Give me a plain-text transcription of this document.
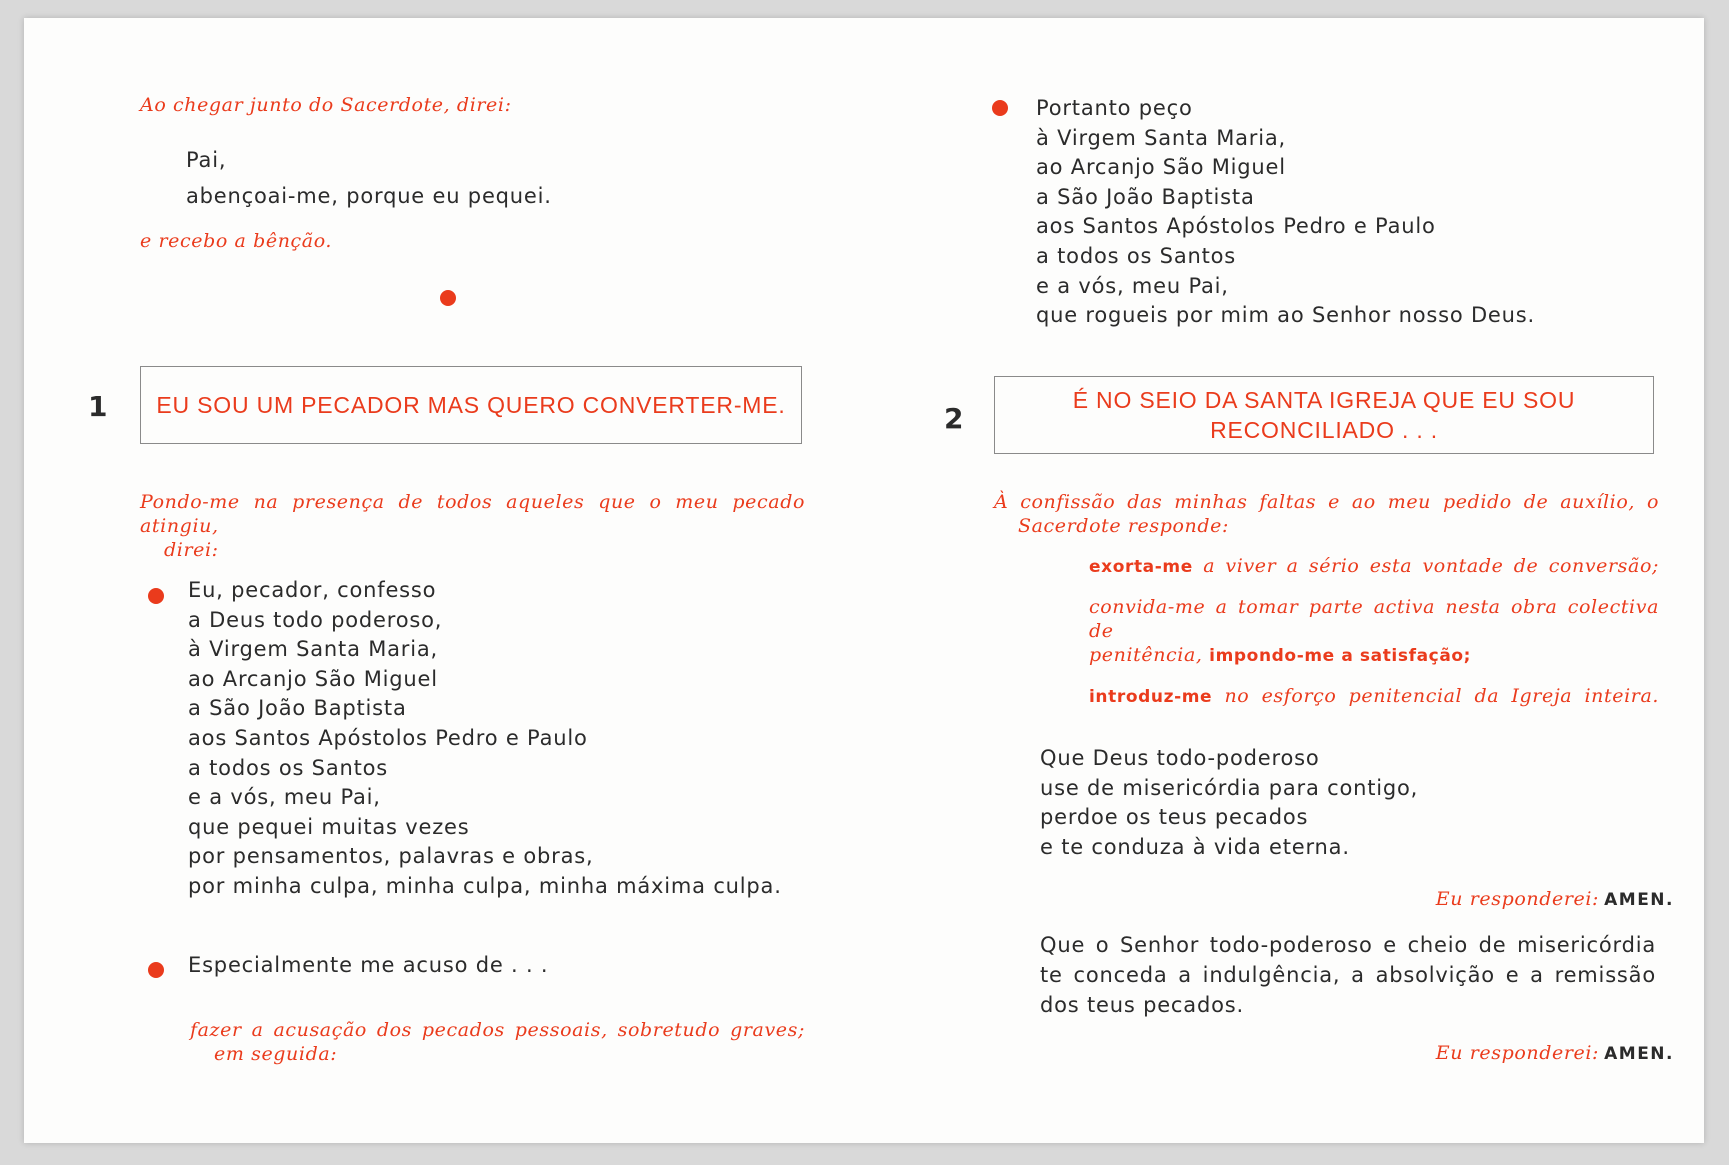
Ao chegar junto do Sacerdote, direi:
Pai,
abençoai-me, porque eu pequei.
e recebo a bênção.
1 EU SOU UM PECADOR MAS QUERO CONVERTER-ME.
Pondo-me na presença de todos aqueles que o meu pecado atingiu,
direi:
Eu, pecador, confesso
a Deus todo poderoso,
à Virgem Santa Maria,
ao Arcanjo São Miguel
a São João Baptista
aos Santos Apóstolos Pedro e Paulo
a todos os Santos
e a vós, meu Pai,
que pequei muitas vezes
por pensamentos, palavras e obras,
por minha culpa, minha culpa, minha máxima culpa.
Especialmente me acuso de . . .
fazer a acusação dos pecados pessoais, sobretudo graves;
em seguida:
Portanto peço
à Virgem Santa Maria,
ao Arcanjo São Miguel
a São João Baptista
aos Santos Apóstolos Pedro e Paulo
a todos os Santos
e a vós, meu Pai,
que rogueis por mim ao Senhor nosso Deus.
2
É NO SEIO DA SANTA IGREJA QUE EU SOU
RECONCILIADO . . .
À confissão das minhas faltas e ao meu pedido de auxílio, o
Sacerdote responde:
exorta-me a viver a sério esta vontade de conversão;
convida-me a tomar parte activa nesta obra colectiva de
penitência, impondo-me a satisfação;
introduz-me no esforço penitencial da Igreja inteira.
Que Deus todo-poderoso
use de misericórdia para contigo,
perdoe os teus pecados
e te conduza à vida eterna.
Eu responderei: AMEN.
Que o Senhor todo-poderoso e cheio de misericórdia
te conceda a indulgência, a absolvição e a remissão
dos teus pecados.
Eu responderei: AMEN.
